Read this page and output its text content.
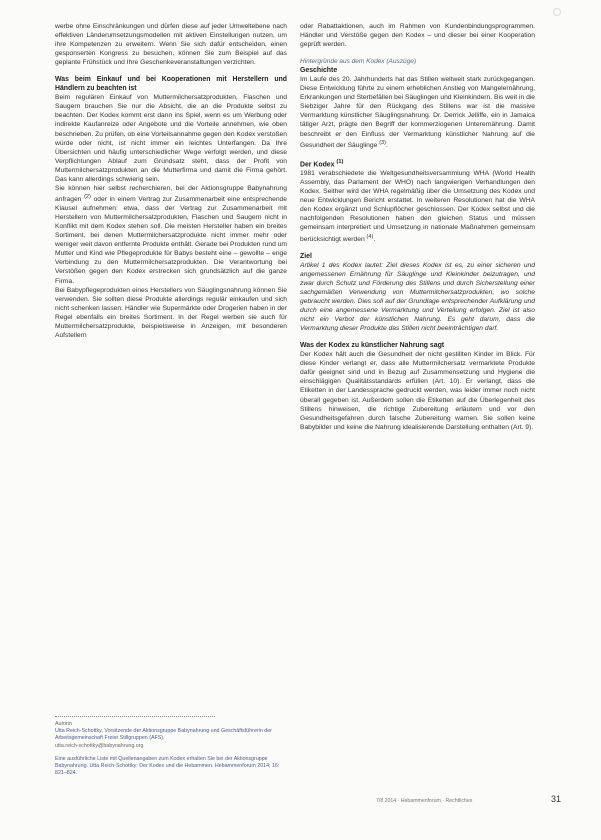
werbe ohne Einschränkungen und dürfen diese auf jeder Umweltebene nach effektiven Länderumsetzungsmodellen mit aktiven Einstellungen nutzen, um ihre Kompetenzen zu erweitern. Wenn Sie sich dafür entscheiden, einen gesponserten Kongress zu besuchen, können Sie zum Beispiel auf das geplante Frühstück und Ihre Geschenkeveranstaltungen verzichten.

Was beim Einkauf und bei Kooperationen mit Herstellern und Händlern zu beachten ist

Beim regulären Einkauf von Muttermilchersatzprodukten, Flaschen und Saugern brauchen Sie nur die Absicht, die an die Produkte selbst zu beachten. Der Kodex kommt erst dann ins Spiel, wenn es um Werbung oder indirekte Kaufanreize oder Angebote und die Vorteile annehmen, wie oben beschrieben. Zu prüfen, ob eine Vorteilsannahme gegen den Kodex verstoßen würde oder nicht, ist nicht immer ein leichtes Unterfangen. Da Ihre Übersichten und häufig unterschiedlicher Wege verfolgt werden, und diese Verpflichtungen Ablauf zum Grundsatz steht, dass der Profit von Muttermilchersatzprodukten an die Mutterfirma und damit die Firma gehört. Das kann allerdings schwierig sein.

Sie können hier selbst recherchieren, bei der Aktionsgruppe Babynahrung anfragen $^{(2)}$ oder in einem Vertrag zur Zusammenarbeit eine entsprechende Klausel aufnehmen: etwa, dass der Vertrag zur Zusammenarbeit mit Herstellern von Muttermilchersatzprodukten, Flaschen und Saugern nicht in Konflikt mit dem Kodex stehen soll. Die meisten Hersteller haben ein breites Sortiment, bei denen Muttermilchersatzprodukte nicht immer mehr oder weniger weit davon entfernte Produkte enthält. Gerade bei Produkten rund um Mutter und Kind wie Pflegeprodukte für Babys besteht eine – gewollte – enge Verbindung zu den Muttermilchersatzprodukten. Die Verantwortung bei Verstößen gegen den Kodex erstrecken sich grundsätzlich auf die ganze Firma.

Bei Babypflegeprodukten eines Herstellers von Säuglingsnahrung können Sie verwenden. Sie sollten diese Produkte allerdings regulär einkaufen und sich nicht schenken lassen. Händler wie Supermärkte oder Drogerien haben in der Regel ebenfalls ein breites Sortiment. In der Regel werben sie auch für Muttermilchersatzprodukte, beispielsweise in Anzeigen, mit besonderen Aufstellern

Autorin

Utta Reich-Schottky, Vorsitzende der Aktionsgruppe Babynahrung und Geschäftsführerin der Arbeitsgemeinschaft Freier Stillgruppen (AFS).

utta.reich-schottky@babynahrung.org

Eine ausführliche Liste mit Quellenangaben zum Kodex erhalten Sie bei der Aktionsgruppe Babynahrung. Utta Reich-Schottky: Der Kodex und die Hebammen. Hebammenforum 2014; 16: 821–824.

oder Rabattaktionen, auch im Rahmen von Kundenbindungsprogrammen. Händler und Verstöße gegen den Kodex – und dieser bei einer Kooperation geprüft werden.

Hintergründe aus dem Kodex (Auszüge)

Geschichte

Im Laufe des 20. Jahrhunderts hat das Stillen weltweit stark zurückgegangen. Diese Entwicklung führte zu einem erheblichen Anstieg von Mangelernährung, Erkrankungen und Sterbefällen bei Säuglingen und Kleinkindern. Bis weit in die Siebziger Jahre für den Rückgang des Stillens war ist die massive Vermarktung künstlicher Säuglingsnahrung. Dr. Derrick Jelliffe, ein in Jamaica tätiger Arzt, prägte den Begriff der kommerziogenen Unterernährung. Damit beschreibt er den Einfluss der Vermarktung künstlicher Nahrung auf die Gesundheit der Säuglinge $^{(3)}$.

Der Kodex $^{(1)}$

1981 verabschiedete die Weltgesundheitsversammlung WHA (World Health Assembly, das Parlament der WHO) nach langwierigen Verhandlungen den Kodex. Seither wird der WHA regelmäßig über die Umsetzung des Kodex und neue Entwicklungen Bericht erstattet. In weiteren Resolutionen hat die WHA den Kodex ergänzt und Schlupflöcher geschlossen. Der Kodex selbst und die nachfolgenden Resolutionen haben den gleichen Status und müssen gemeinsam interpretiert und Umsetzung in nationale Maßnahmen gemeinsam berücksichtigt werden $^{(4)}$.

Ziel

Artikel 1 des Kodex lautet: Ziel dieses Kodex ist es, zu einer sicheren und angemessenen Ernährung für Säuglinge und Kleinkinder beizutragen, und zwar durch Schutz und Förderung des Stillens und durch Sicherstellung einer sachgemäßen Verwendung von Muttermilchersatzprodukten, wo solche gebraucht werden. Dies soll auf der Grundlage entsprechender Aufklärung und durch eine angemessene Vermarktung und Verteilung erfolgen. Ziel ist also nicht ein Verbot der künstlichen Nahrung. Es geht darum, dass die Vermarktung dieser Produkte das Stillen nicht beeinträchtigen darf.

Was der Kodex zu künstlicher Nahrung sagt

Der Kodex hält auch die Gesundheit der nicht gestillten Kinder im Blick. Für diese Kinder verlangt er, dass alle Muttermilchersatz vermarktete Produkte dafür geeignet sind und in Bezug auf Zusammensetzung und Hygiene die einschlägigen Qualitätsstandards erfüllen (Art. 10). Er verlangt, dass die Etiketten in der Landessprache gedruckt werden, was leider immer noch nicht überall gegeben ist. Außerdem sollen die Etiketten auf die Überlegenheit des Stillens hinweisen, die richtige Zubereitung erläutern und vor den Gesundheitsgefahren durch falsche Zubereitung warnen. Sie sollen keine Babybilder und keine die Nahrung idealisierende Darstellung enthalten (Art. 9).

7/8 2014 · Hebammenforum · Rechtliches	31
